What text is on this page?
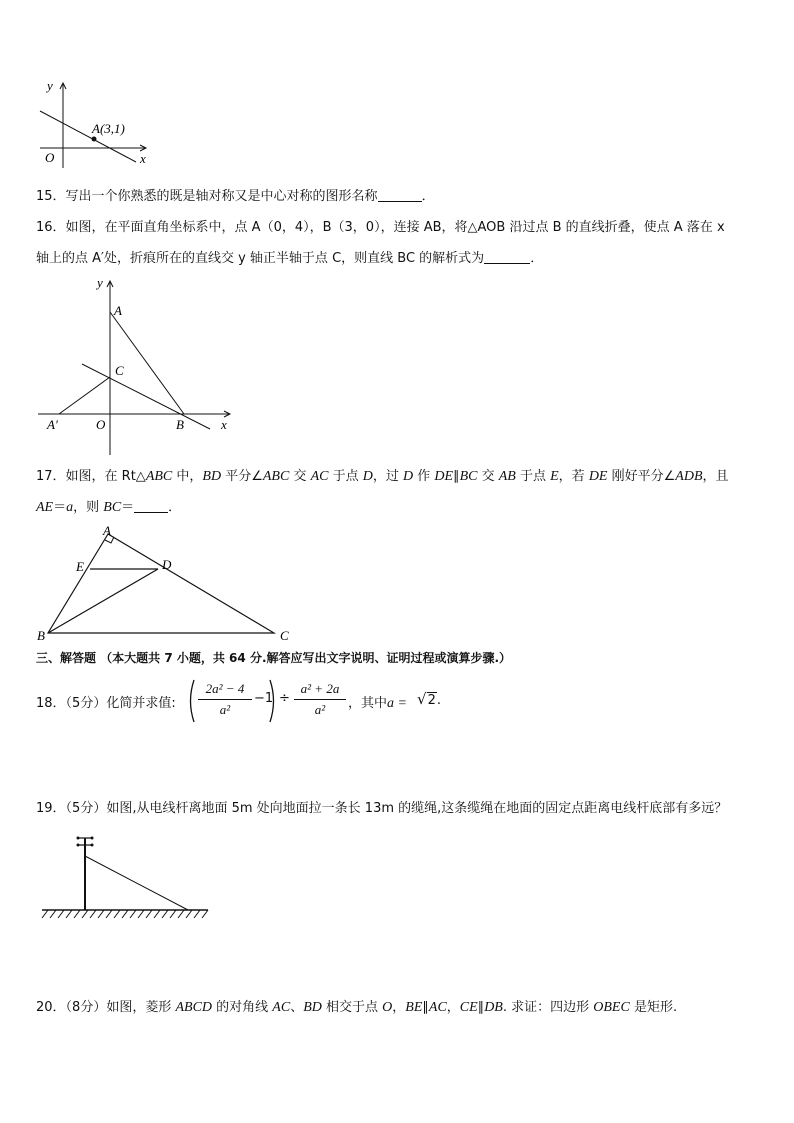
y
x
O
A(3,1)
15．写出一个你熟悉的既是轴对称又是中心对称的图形名称	．
16．如图，在平面直角坐标系中，点 A（0，4），B（3，0），连接 AB，将△AOB 沿过点 B 的直线折叠，使点 A 落在 x
轴上的点 A′处，折痕所在的直线交 y 轴正半轴于点 C，则直线 BC 的解析式为	．
y
x
A
C
A′	O	B
17．如图，在 Rt△ABC 中，BD 平分∠ABC 交 AC 于点 D，过 D 作 DE∥BC 交 AB 于点 E，若 DE 刚好平分∠ADB，且
AE＝a，则 BC＝	．
A
E	D
B	C
三、解答题 （本大题共 7 小题，共 64 分.解答应写出文字说明、证明过程或演算步骤.）
18．（5分）化简并求值:
2a² − 4
a²
−1 ÷
a² + 2a
a²	，其中a = √2.
19．（5分）如图,从电线杆离地面 5m 处向地面拉一条长 13m 的缆绳,这条缆绳在地面的固定点距离电线杆底部有多远？
20．（8分）如图，菱形 ABCD 的对角线 AC、BD 相交于点 O，BE∥AC，CE∥DB. 求证：四边形 OBEC 是矩形.
